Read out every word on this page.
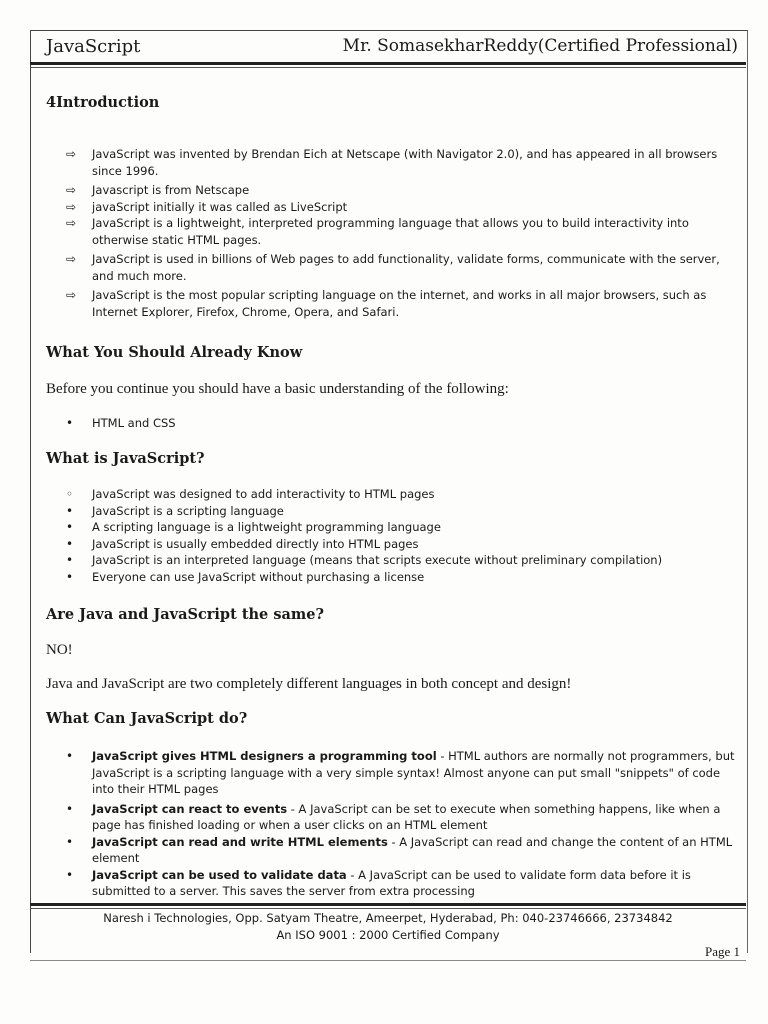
JavaScript	Mr. SomasekharReddy(Certified Professional)
4Introduction
⇨ JavaScript was invented by Brendan Eich at Netscape (with Navigator 2.0), and has appeared in all browsers since 1996.
⇨ Javascript is from Netscape
⇨ javaScript initially it was called as LiveScript
⇨ JavaScript is a lightweight, interpreted programming language that allows you to build interactivity into otherwise static HTML pages.
⇨ JavaScript is used in billions of Web pages to add functionality, validate forms, communicate with the server, and much more.
⇨ JavaScript is the most popular scripting language on the internet, and works in all major browsers, such as Internet Explorer, Firefox, Chrome, Opera, and Safari.
What You Should Already Know
Before you continue you should have a basic understanding of the following:
• HTML and CSS
What is JavaScript?
◦ JavaScript was designed to add interactivity to HTML pages
• JavaScript is a scripting language
• A scripting language is a lightweight programming language
• JavaScript is usually embedded directly into HTML pages
• JavaScript is an interpreted language (means that scripts execute without preliminary compilation)
• Everyone can use JavaScript without purchasing a license
Are Java and JavaScript the same?
NO!
Java and JavaScript are two completely different languages in both concept and design!
What Can JavaScript do?
• JavaScript gives HTML designers a programming tool - HTML authors are normally not programmers, but JavaScript is a scripting language with a very simple syntax! Almost anyone can put small "snippets" of code into their HTML pages
• JavaScript can react to events - A JavaScript can be set to execute when something happens, like when a page has finished loading or when a user clicks on an HTML element
• JavaScript can read and write HTML elements - A JavaScript can read and change the content of an HTML element
• JavaScript can be used to validate data - A JavaScript can be used to validate form data before it is submitted to a server. This saves the server from extra processing
Naresh i Technologies, Opp. Satyam Theatre, Ameerpet, Hyderabad, Ph: 040-23746666, 23734842
An ISO 9001 : 2000 Certified Company
Page 1
